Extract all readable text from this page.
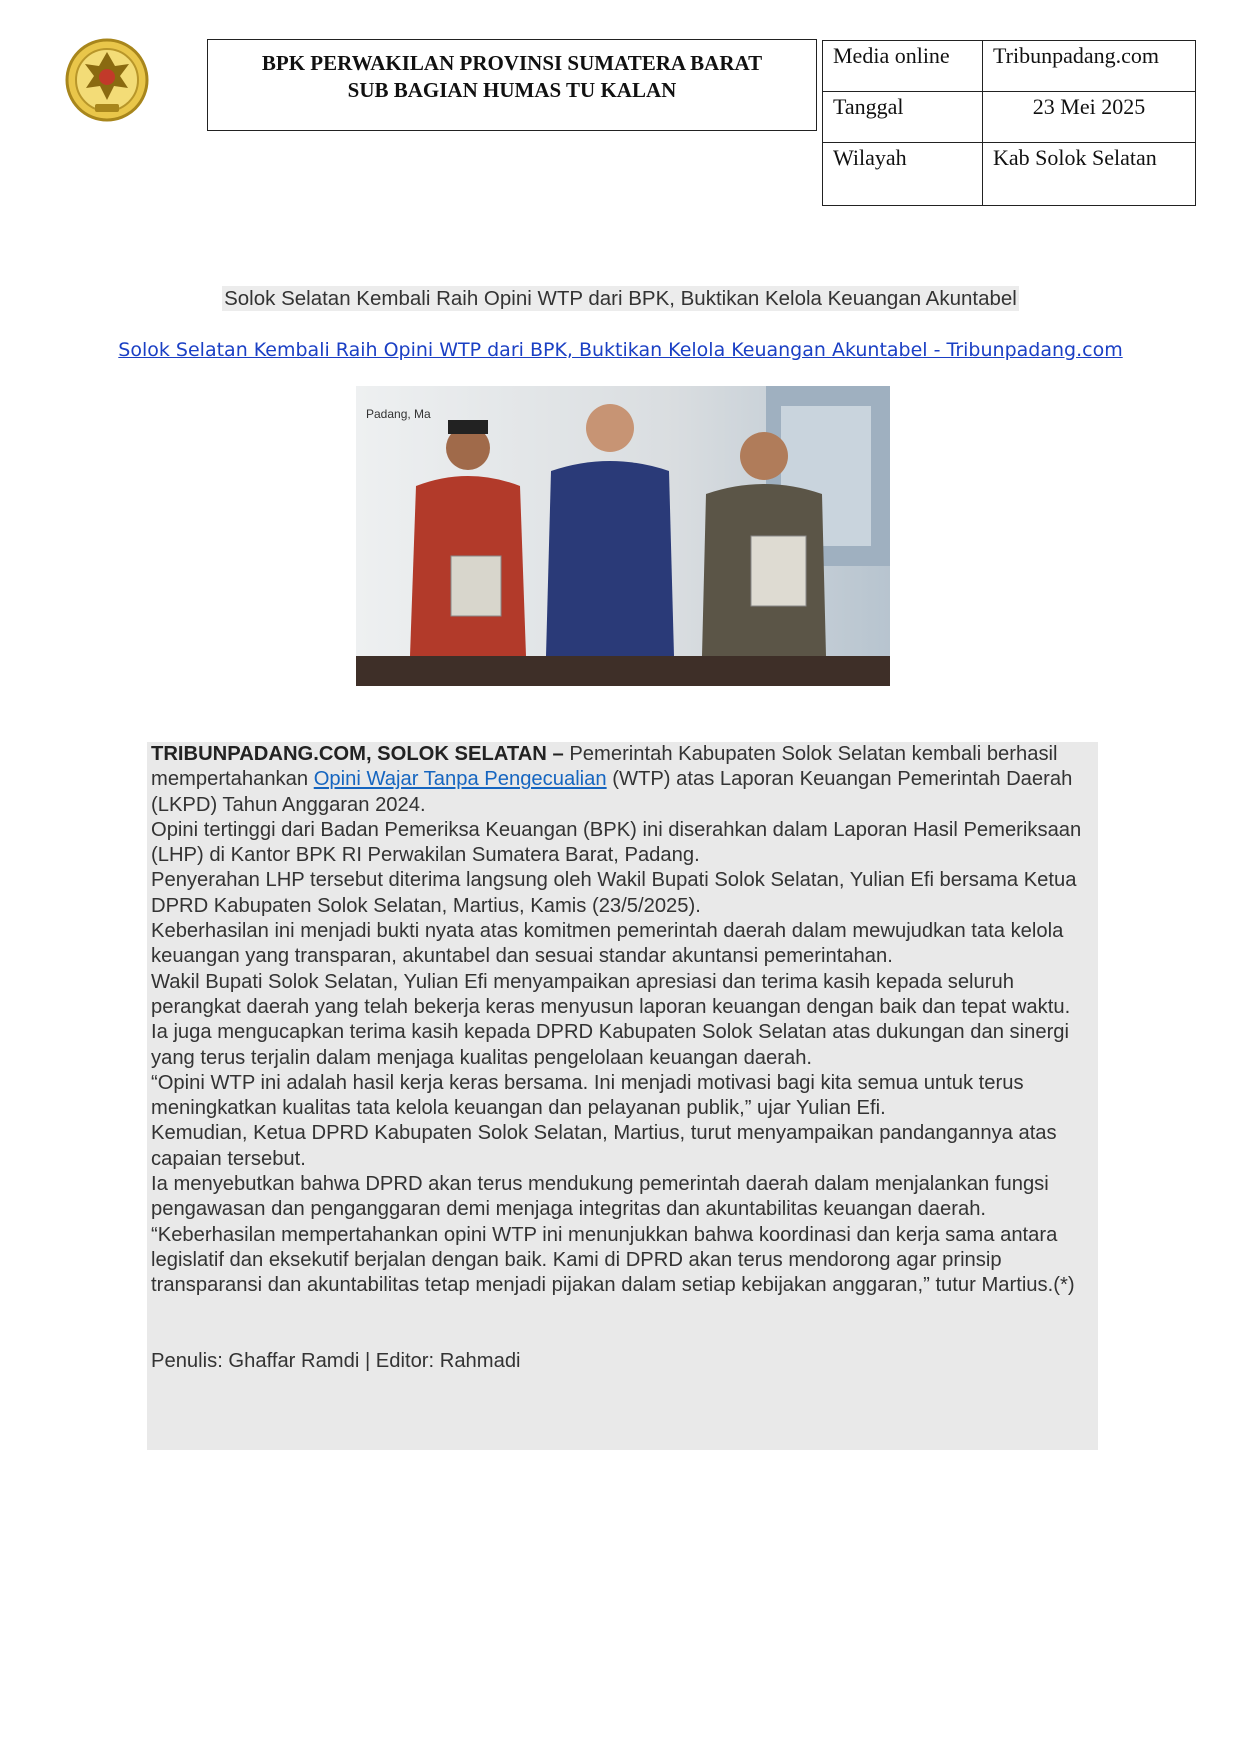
BPK PERWAKILAN PROVINSI SUMATERA BARAT
SUB BAGIAN HUMAS TU KALAN
Media online	Tribunpadang.com
Tanggal	23 Mei 2025
Wilayah	Kab Solok Selatan
Solok Selatan Kembali Raih Opini WTP dari BPK, Buktikan Kelola Keuangan Akuntabel
Solok Selatan Kembali Raih Opini WTP dari BPK, Buktikan Kelola Keuangan Akuntabel - Tribunpadang.com
Padang, Ma

TRIBUNPADANG.COM, SOLOK SELATAN – Pemerintah Kabupaten Solok Selatan kembali berhasil mempertahankan Opini Wajar Tanpa Pengecualian (WTP) atas Laporan Keuangan Pemerintah Daerah (LKPD) Tahun Anggaran 2024.

Opini tertinggi dari Badan Pemeriksa Keuangan (BPK) ini diserahkan dalam Laporan Hasil Pemeriksaan (LHP) di Kantor BPK RI Perwakilan Sumatera Barat, Padang.

Penyerahan LHP tersebut diterima langsung oleh Wakil Bupati Solok Selatan, Yulian Efi bersama Ketua DPRD Kabupaten Solok Selatan, Martius, Kamis (23/5/2025).

Keberhasilan ini menjadi bukti nyata atas komitmen pemerintah daerah dalam mewujudkan tata kelola keuangan yang transparan, akuntabel dan sesuai standar akuntansi pemerintahan.

Wakil Bupati Solok Selatan, Yulian Efi menyampaikan apresiasi dan terima kasih kepada seluruh perangkat daerah yang telah bekerja keras menyusun laporan keuangan dengan baik dan tepat waktu.

Ia juga mengucapkan terima kasih kepada DPRD Kabupaten Solok Selatan atas dukungan dan sinergi yang terus terjalin dalam menjaga kualitas pengelolaan keuangan daerah.

“Opini WTP ini adalah hasil kerja keras bersama. Ini menjadi motivasi bagi kita semua untuk terus meningkatkan kualitas tata kelola keuangan dan pelayanan publik,” ujar Yulian Efi.

Kemudian, Ketua DPRD Kabupaten Solok Selatan, Martius, turut menyampaikan pandangannya atas capaian tersebut.

Ia menyebutkan bahwa DPRD akan terus mendukung pemerintah daerah dalam menjalankan fungsi pengawasan dan penganggaran demi menjaga integritas dan akuntabilitas keuangan daerah.

“Keberhasilan mempertahankan opini WTP ini menunjukkan bahwa koordinasi dan kerja sama antara legislatif dan eksekutif berjalan dengan baik. Kami di DPRD akan terus mendorong agar prinsip transparansi dan akuntabilitas tetap menjadi pijakan dalam setiap kebijakan anggaran,” tutur Martius.(*)

Penulis: Ghaffar Ramdi | Editor: Rahmadi
